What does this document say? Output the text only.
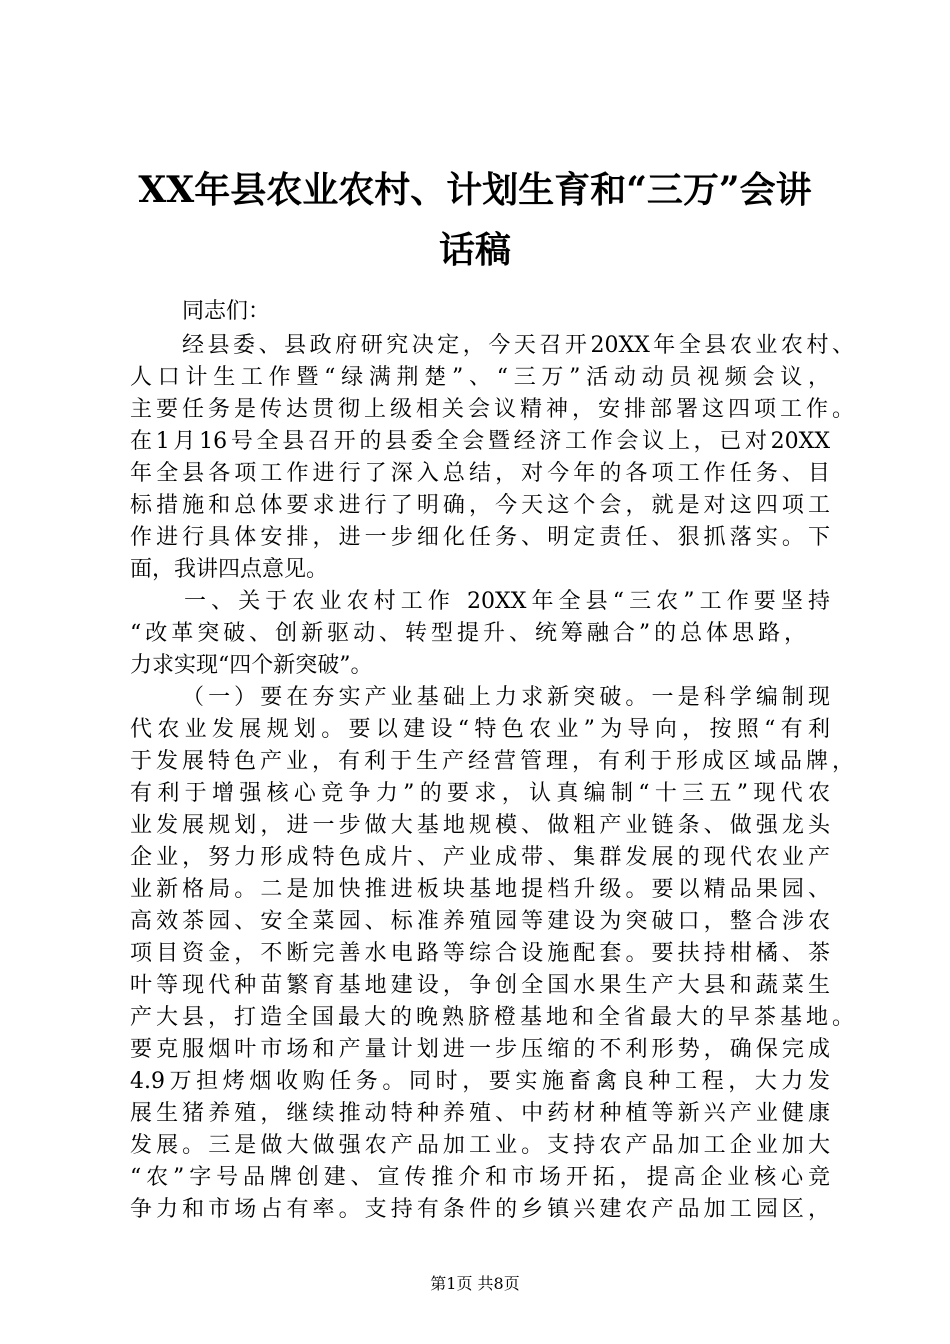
XX年县农业农村、计划生育和“三万”会讲
话稿
同志们：
经县委、县政府研究决定，今天召开20XX年全县农业农村、
人口计生工作暨“绿满荆楚”、“三万”活动动员视频会议，
主要任务是传达贯彻上级相关会议精神，安排部署这四项工作。
在1月16号全县召开的县委全会暨经济工作会议上，已对20XX
年全县各项工作进行了深入总结，对今年的各项工作任务、目
标措施和总体要求进行了明确，今天这个会，就是对这四项工
作进行具体安排，进一步细化任务、明定责任、狠抓落实。下
面，我讲四点意见。
一、关于农业农村工作 20XX年全县“三农”工作要坚持
“改革突破、创新驱动、转型提升、统筹融合”的总体思路，
力求实现“四个新突破”。
（一）要在夯实产业基础上力求新突破。一是科学编制现
代农业发展规划。要以建设“特色农业”为导向，按照“有利
于发展特色产业，有利于生产经营管理，有利于形成区域品牌，
有利于增强核心竞争力”的要求，认真编制“十三五”现代农
业发展规划，进一步做大基地规模、做粗产业链条、做强龙头
企业，努力形成特色成片、产业成带、集群发展的现代农业产
业新格局。二是加快推进板块基地提档升级。要以精品果园、
高效茶园、安全菜园、标准养殖园等建设为突破口，整合涉农
项目资金，不断完善水电路等综合设施配套。要扶持柑橘、茶
叶等现代种苗繁育基地建设，争创全国水果生产大县和蔬菜生
产大县，打造全国最大的晚熟脐橙基地和全省最大的早茶基地。
要克服烟叶市场和产量计划进一步压缩的不利形势，确保完成
4.9万担烤烟收购任务。同时，要实施畜禽良种工程，大力发
展生猪养殖，继续推动特种养殖、中药材种植等新兴产业健康
发展。三是做大做强农产品加工业。支持农产品加工企业加大
“农”字号品牌创建、宣传推介和市场开拓，提高企业核心竞
争力和市场占有率。支持有条件的乡镇兴建农产品加工园区，
第1页 共8页
